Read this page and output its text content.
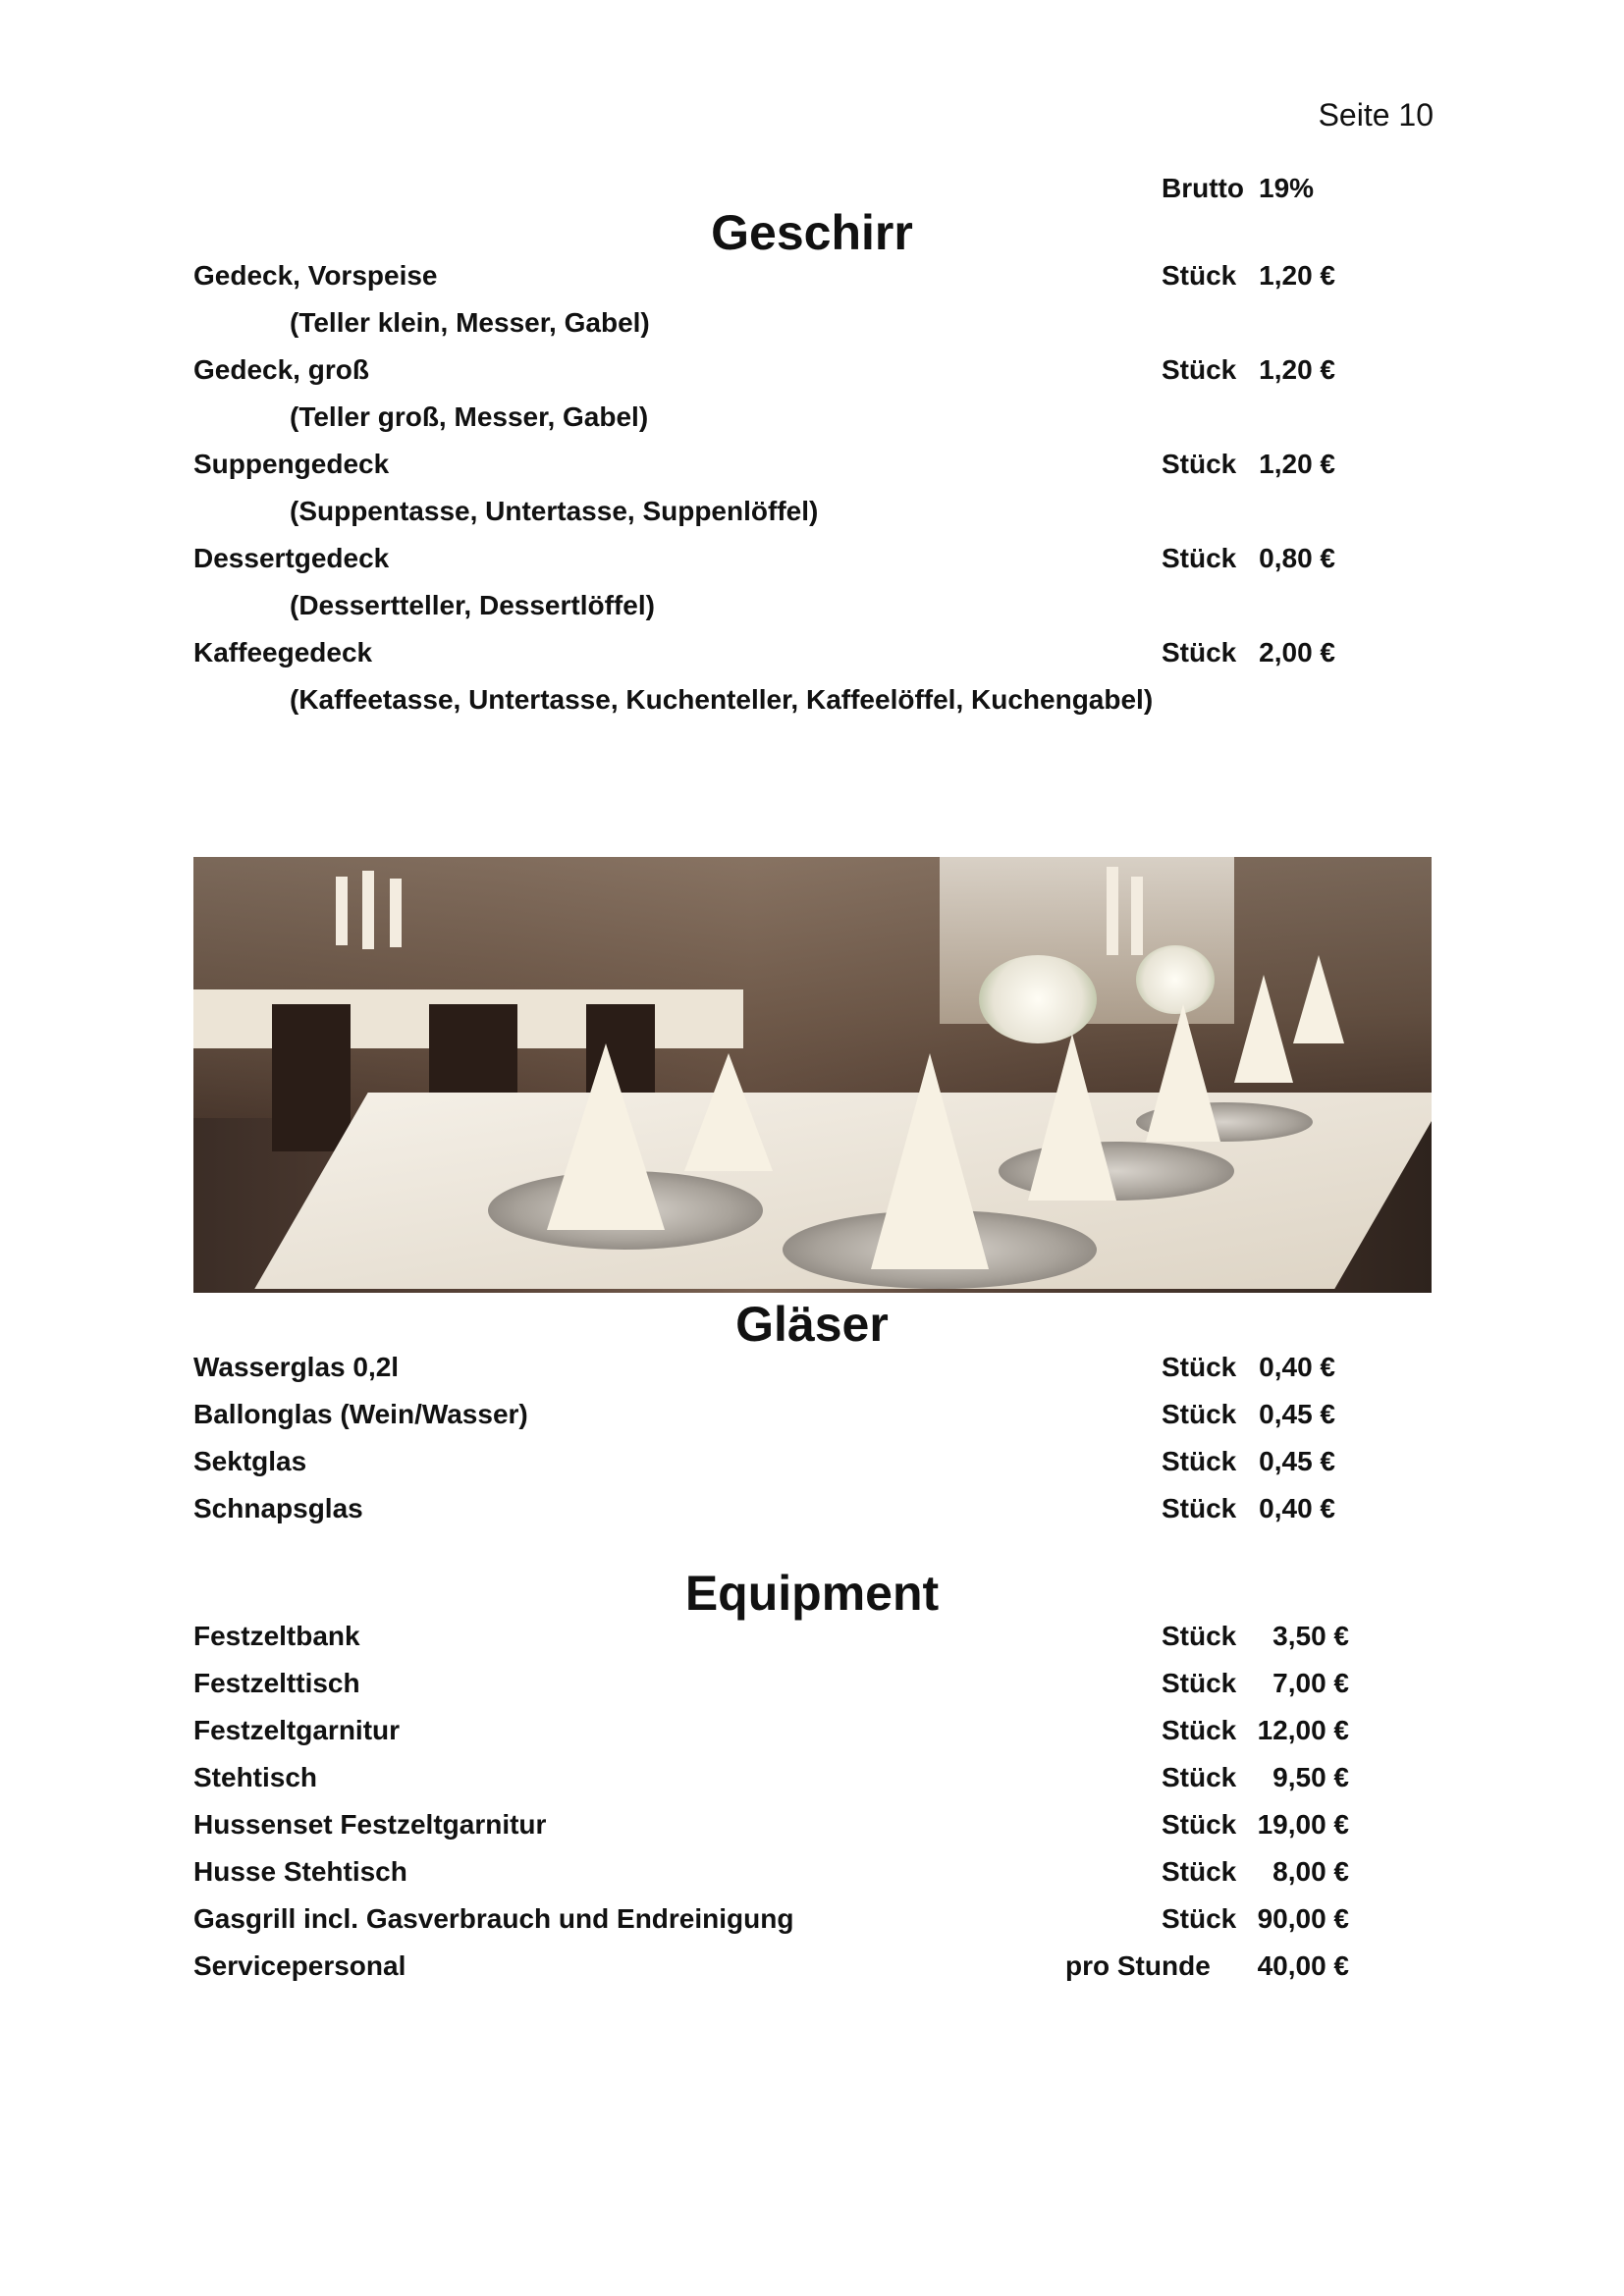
Seite 10
Brutto 19%
Geschirr
Gedeck, Vorspeise	Stück 1,20 €
(Teller klein, Messer, Gabel)
Gedeck, groß	Stück 1,20 €
(Teller groß, Messer, Gabel)
Suppengedeck	Stück 1,20 €
(Suppentasse, Untertasse, Suppenlöffel)
Dessertgedeck	Stück 0,80 €
(Dessertteller, Dessertlöffel)
Kaffeegedeck	Stück 2,00 €
(Kaffeetasse, Untertasse, Kuchenteller, Kaffeelöffel, Kuchengabel)
Gläser
Wasserglas 0,2l	Stück 0,40 €
Ballonglas (Wein/Wasser)	Stück 0,45 €
Sektglas	Stück 0,45 €
Schnapsglas	Stück 0,40 €
Equipment
Festzeltbank	Stück 3,50 €
Festzelttisch	Stück 7,00 €
Festzeltgarnitur	Stück 12,00 €
Stehtisch	Stück 9,50 €
Hussenset Festzeltgarnitur	Stück 19,00 €
Husse Stehtisch	Stück 8,00 €
Gasgrill incl. Gasverbrauch und Endreinigung	Stück 90,00 €
Servicepersonal	pro Stunde 40,00 €
